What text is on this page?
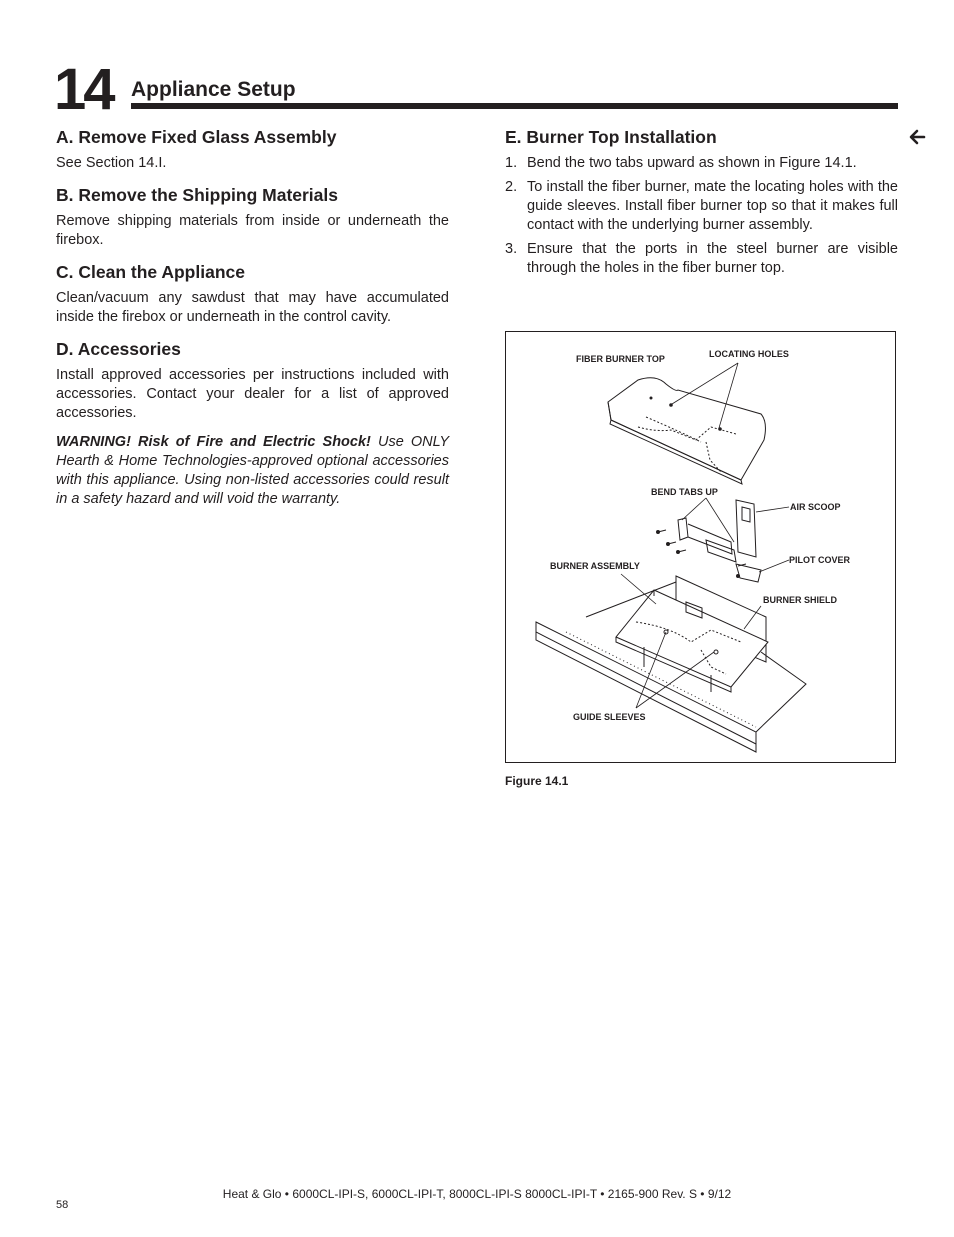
14 Appliance Setup
A. Remove Fixed Glass Assembly

See Section 14.I.

B. Remove the Shipping Materials

Remove shipping materials from inside or underneath the firebox.

C. Clean the Appliance

Clean/vacuum any sawdust that may have accumulated inside the firebox or underneath in the control cavity.

D. Accessories

Install approved accessories per instructions included with accessories. Contact your dealer for a list of approved accessories.

WARNING! Risk of Fire and Electric Shock! Use ONLY Hearth & Home Technologies-approved optional accessories with this appliance. Using non-listed accessories could result in a safety hazard and will void the warranty.

E. Burner Top Installation
1. Bend the two tabs upward as shown in Figure 14.1.
2. To install the fiber burner, mate the locating holes with the guide sleeves. Install fiber burner top so that it makes full contact with the underlying burner assembly.
3. Ensure that the ports in the steel burner are visible through the holes in the fiber burner top.
FIBER BURNER TOP	LOCATING HOLES
BEND TABS UP
AIR SCOOP
PILOT COVER
BURNER ASSEMBLY
BURNER SHIELD
GUIDE SLEEVES
Figure 14.1
Heat & Glo • 6000CL-IPI-S, 6000CL-IPI-T, 8000CL-IPI-S 8000CL-IPI-T • 2165-900 Rev. S • 9/12
58
